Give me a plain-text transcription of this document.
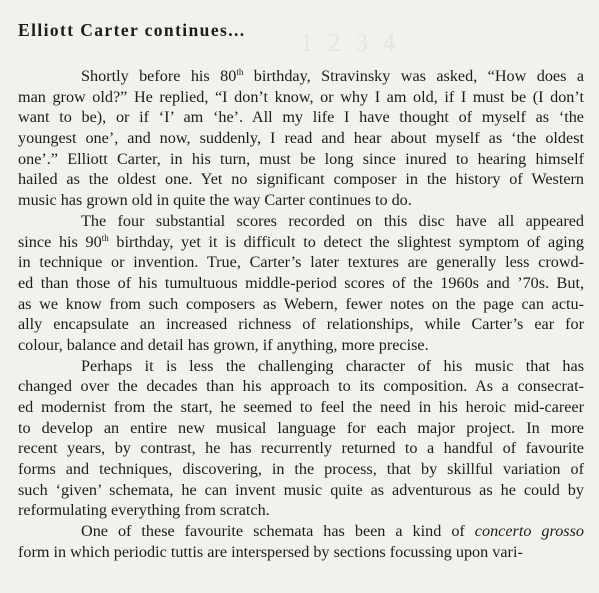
1 2 3 4
Elliott Carter continues...
Shortly before his 80th birthday, Stravinsky was asked, “How does a
man grow old?” He replied, “I don’t know, or why I am old, if I must be (I don’t
want to be), or if ‘I’ am ‘he’. All my life I have thought of myself as ‘the
youngest one’, and now, suddenly, I read and hear about myself as ‘the oldest
one’.” Elliott Carter, in his turn, must be long since inured to hearing himself
hailed as the oldest one. Yet no significant composer in the history of Western
music has grown old in quite the way Carter continues to do.
The four substantial scores recorded on this disc have all appeared
since his 90th birthday, yet it is difficult to detect the slightest symptom of aging
in technique or invention. True, Carter’s later textures are generally less crowd-
ed than those of his tumultuous middle-period scores of the 1960s and ’70s. But,
as we know from such composers as Webern, fewer notes on the page can actu-
ally encapsulate an increased richness of relationships, while Carter’s ear for
colour, balance and detail has grown, if anything, more precise.
Perhaps it is less the challenging character of his music that has
changed over the decades than his approach to its composition. As a consecrat-
ed modernist from the start, he seemed to feel the need in his heroic mid-career
to develop an entire new musical language for each major project. In more
recent years, by contrast, he has recurrently returned to a handful of favourite
forms and techniques, discovering, in the process, that by skillful variation of
such ‘given’ schemata, he can invent music quite as adventurous as he could by
reformulating everything from scratch.
One of these favourite schemata has been a kind of concerto grosso
form in which periodic tuttis are interspersed by sections focussing upon vari-
